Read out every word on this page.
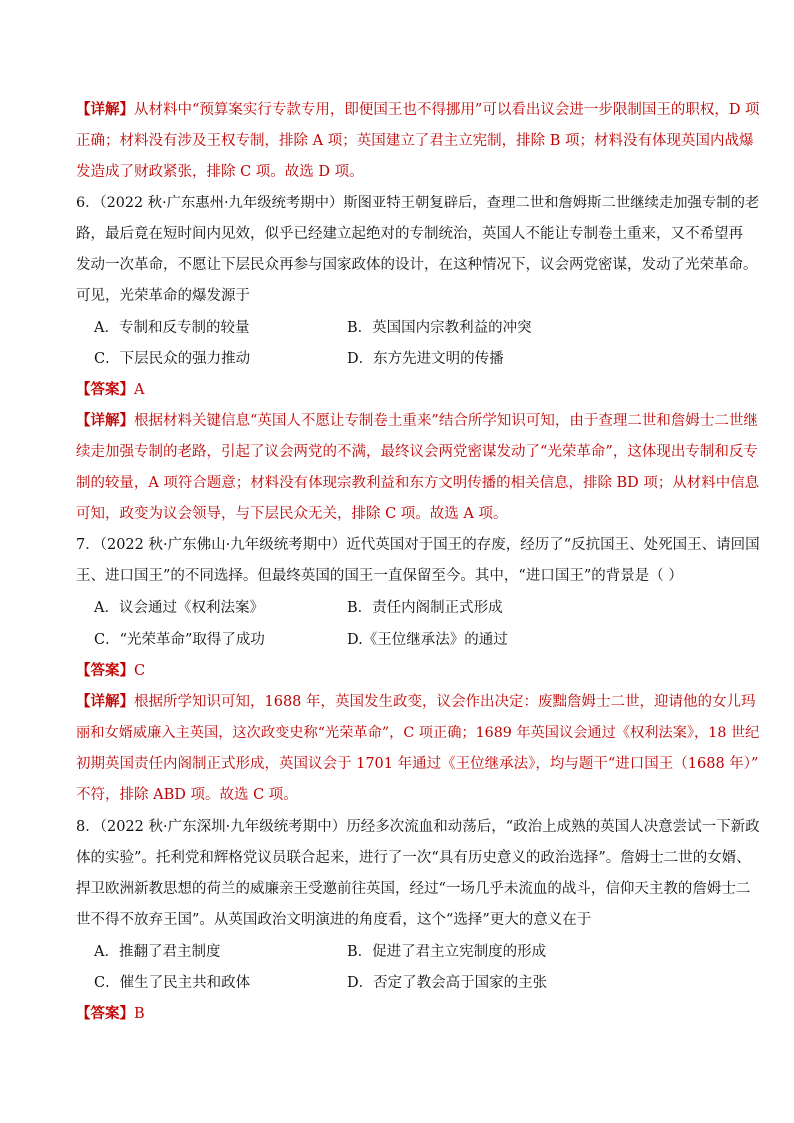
【详解】从材料中“预算案实行专款专用，即便国王也不得挪用”可以看出议会进一步限制国王的职权，D 项
正确；材料没有涉及王权专制，排除 A 项；英国建立了君主立宪制，排除 B 项；材料没有体现英国内战爆
发造成了财政紧张，排除 C 项。故选 D 项。
6．（2022 秋·广东惠州·九年级统考期中）斯图亚特王朝复辟后，查理二世和詹姆斯二世继续走加强专制的老
路，最后竟在短时间内见效，似乎已经建立起绝对的专制统治，英国人不能让专制卷土重来，又不希望再
发动一次革命，不愿让下层民众再参与国家政体的设计，在这种情况下，议会两党密谋，发动了光荣革命。
可见，光荣革命的爆发源于
A．专制和反专制的较量	B．英国国内宗教利益的冲突
C．下层民众的强力推动	D．东方先进文明的传播
【答案】A
【详解】根据材料关键信息“英国人不愿让专制卷土重来”结合所学知识可知，由于查理二世和詹姆士二世继
续走加强专制的老路，引起了议会两党的不满，最终议会两党密谋发动了“光荣革命”，这体现出专制和反专
制的较量，A 项符合题意；材料没有体现宗教利益和东方文明传播的相关信息，排除 BD 项；从材料中信息
可知，政变为议会领导，与下层民众无关，排除 C 项。故选 A 项。
7．（2022 秋·广东佛山·九年级统考期中）近代英国对于国王的存废，经历了“反抗国王、处死国王、请回国
王、进口国王”的不同选择。但最终英国的国王一直保留至今。其中，“进口国王”的背景是（ ）
A．议会通过《权利法案》	B．责任内阁制正式形成
C．“光荣革命”取得了成功	D.《王位继承法》的通过
【答案】C
【详解】根据所学知识可知，1688 年，英国发生政变，议会作出决定：废黜詹姆士二世，迎请他的女儿玛
丽和女婿威廉入主英国，这次政变史称“光荣革命”，C 项正确；1689 年英国议会通过《权利法案》，18 世纪
初期英国责任内阁制正式形成，英国议会于 1701 年通过《王位继承法》，均与题干“进口国王（1688 年）”
不符，排除 ABD 项。故选 C 项。
8．（2022 秋·广东深圳·九年级统考期中）历经多次流血和动荡后，“政治上成熟的英国人决意尝试一下新政
体的实验”。托利党和辉格党议员联合起来，进行了一次“具有历史意义的政治选择”。詹姆士二世的女婿、
捍卫欧洲新教思想的荷兰的威廉亲王受邀前往英国，经过“一场几乎未流血的战斗，信仰天主教的詹姆士二
世不得不放弃王国”。从英国政治文明演进的角度看，这个“选择”更大的意义在于
A．推翻了君主制度	B．促进了君主立宪制度的形成
C．催生了民主共和政体	D．否定了教会高于国家的主张
【答案】B
